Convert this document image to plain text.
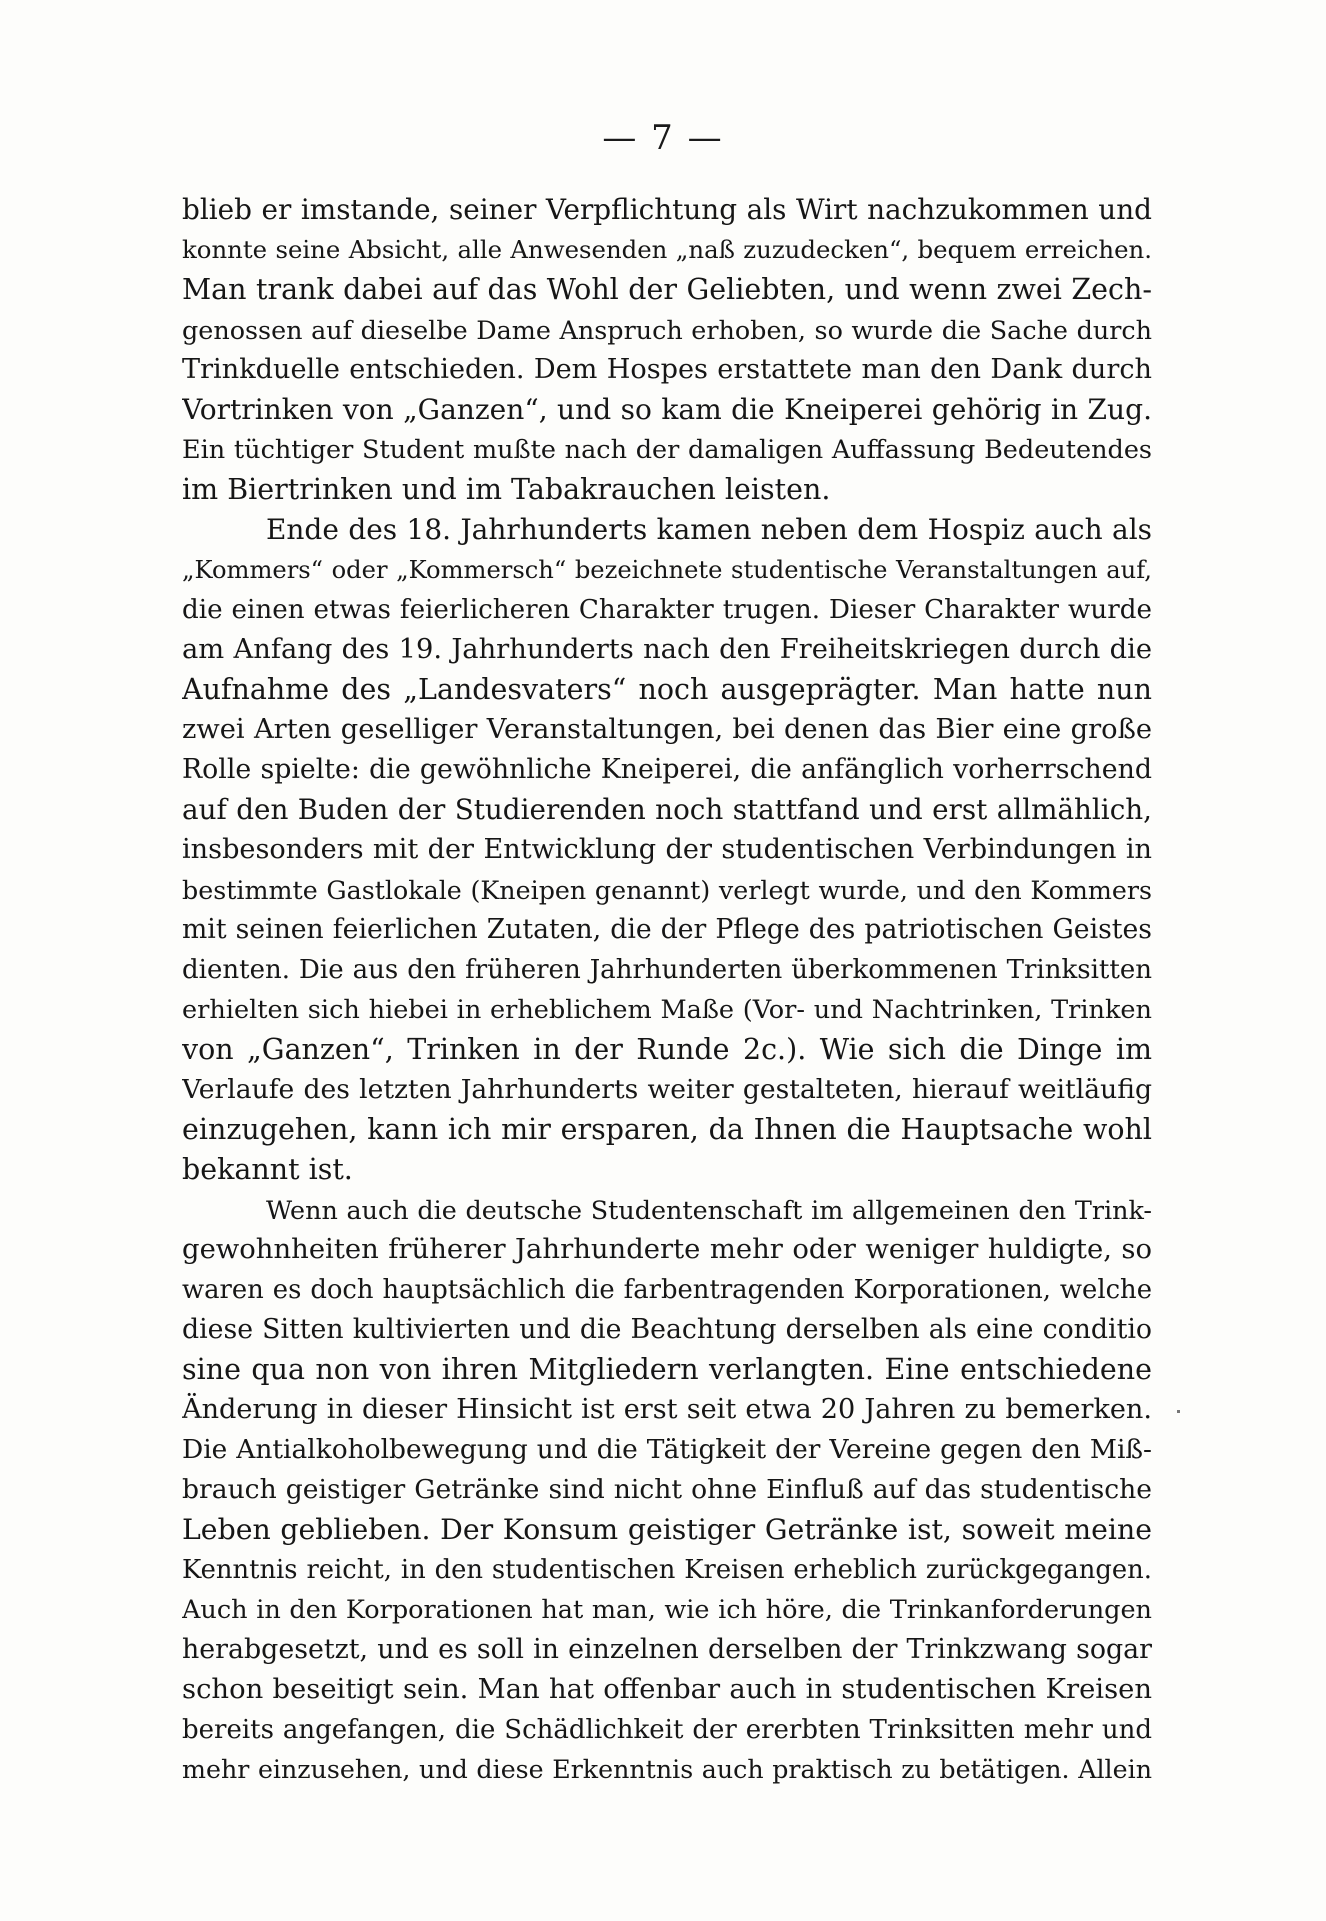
— 7 —
blieb er imstande, seiner Verpflichtung als Wirt nachzukommen und
konnte seine Absicht, alle Anwesenden „naß zuzudecken“, bequem erreichen.
Man trank dabei auf das Wohl der Geliebten, und wenn zwei Zech-
genossen auf dieselbe Dame Anspruch erhoben, so wurde die Sache durch
Trinkduelle entschieden. Dem Hospes erstattete man den Dank durch
Vortrinken von „Ganzen“, und so kam die Kneiperei gehörig in Zug.
Ein tüchtiger Student mußte nach der damaligen Auffassung Bedeutendes
im Biertrinken und im Tabakrauchen leisten.
Ende des 18. Jahrhunderts kamen neben dem Hospiz auch als
„Kommers“ oder „Kommersch“ bezeichnete studentische Veranstaltungen auf,
die einen etwas feierlicheren Charakter trugen. Dieser Charakter wurde
am Anfang des 19. Jahrhunderts nach den Freiheitskriegen durch die
Aufnahme des „Landesvaters“ noch ausgeprägter. Man hatte nun
zwei Arten geselliger Veranstaltungen, bei denen das Bier eine große
Rolle spielte: die gewöhnliche Kneiperei, die anfänglich vorherrschend
auf den Buden der Studierenden noch stattfand und erst allmählich,
insbesonders mit der Entwicklung der studentischen Verbindungen in
bestimmte Gastlokale (Kneipen genannt) verlegt wurde, und den Kommers
mit seinen feierlichen Zutaten, die der Pflege des patriotischen Geistes
dienten. Die aus den früheren Jahrhunderten überkommenen Trinksitten
erhielten sich hiebei in erheblichem Maße (Vor- und Nachtrinken, Trinken
von „Ganzen“, Trinken in der Runde 2c.). Wie sich die Dinge im
Verlaufe des letzten Jahrhunderts weiter gestalteten, hierauf weitläufig
einzugehen, kann ich mir ersparen, da Ihnen die Hauptsache wohl
bekannt ist.
Wenn auch die deutsche Studentenschaft im allgemeinen den Trink-
gewohnheiten früherer Jahrhunderte mehr oder weniger huldigte, so
waren es doch hauptsächlich die farbentragenden Korporationen, welche
diese Sitten kultivierten und die Beachtung derselben als eine conditio
sine qua non von ihren Mitgliedern verlangten. Eine entschiedene
Änderung in dieser Hinsicht ist erst seit etwa 20 Jahren zu bemerken.
Die Antialkoholbewegung und die Tätigkeit der Vereine gegen den Miß-
brauch geistiger Getränke sind nicht ohne Einfluß auf das studentische
Leben geblieben. Der Konsum geistiger Getränke ist, soweit meine
Kenntnis reicht, in den studentischen Kreisen erheblich zurückgegangen.
Auch in den Korporationen hat man, wie ich höre, die Trinkanforderungen
herabgesetzt, und es soll in einzelnen derselben der Trinkzwang sogar
schon beseitigt sein. Man hat offenbar auch in studentischen Kreisen
bereits angefangen, die Schädlichkeit der ererbten Trinksitten mehr und
mehr einzusehen, und diese Erkenntnis auch praktisch zu betätigen. Allein
